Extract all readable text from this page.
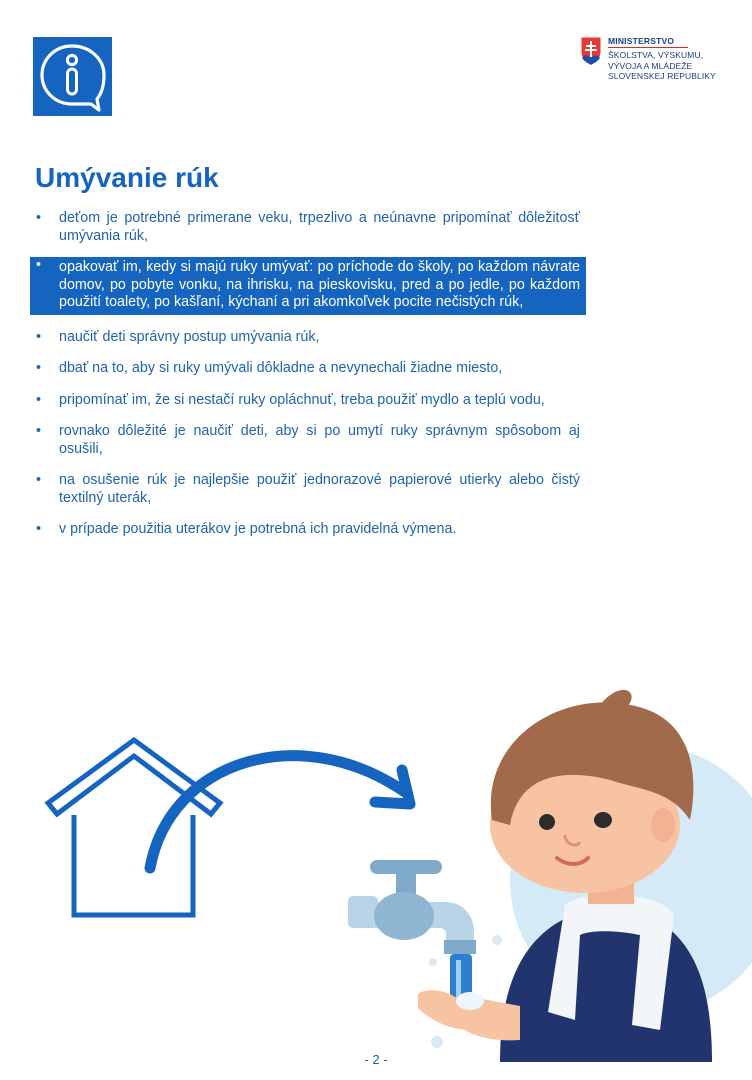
MINISTERSTVO
ŠKOLSTVA, VÝSKUMU,
VÝVOJA A MLÁDEŽE
SLOVENSKEJ REPUBLIKY
Umývanie rúk
• deťom je potrebné primerane veku, trpezlivo a neúnavne pripomínať dôležitosť umývania rúk,
• opakovať im, kedy si majú ruky umývať: po príchode do školy, po každom návrate domov, po pobyte vonku, na ihrisku, na pieskovisku, pred a po jedle, po každom použití toalety, po kašľaní, kýchaní a pri akomkoľvek pocite nečistých rúk,
• naučiť deti správny postup umývania rúk,
• dbať na to, aby si ruky umývali dôkladne a nevynechali žiadne miesto,
• pripomínať im, že si nestačí ruky opláchnuť, treba použiť mydlo a teplú vodu,
• rovnako dôležité je naučiť deti, aby si po umytí ruky správnym spôsobom aj osušili,
• na osušenie rúk je najlepšie použiť jednorazové papierové utierky alebo čistý textilný uterák,
• v prípade použitia uterákov je potrebná ich pravidelná výmena.
- 2 -
